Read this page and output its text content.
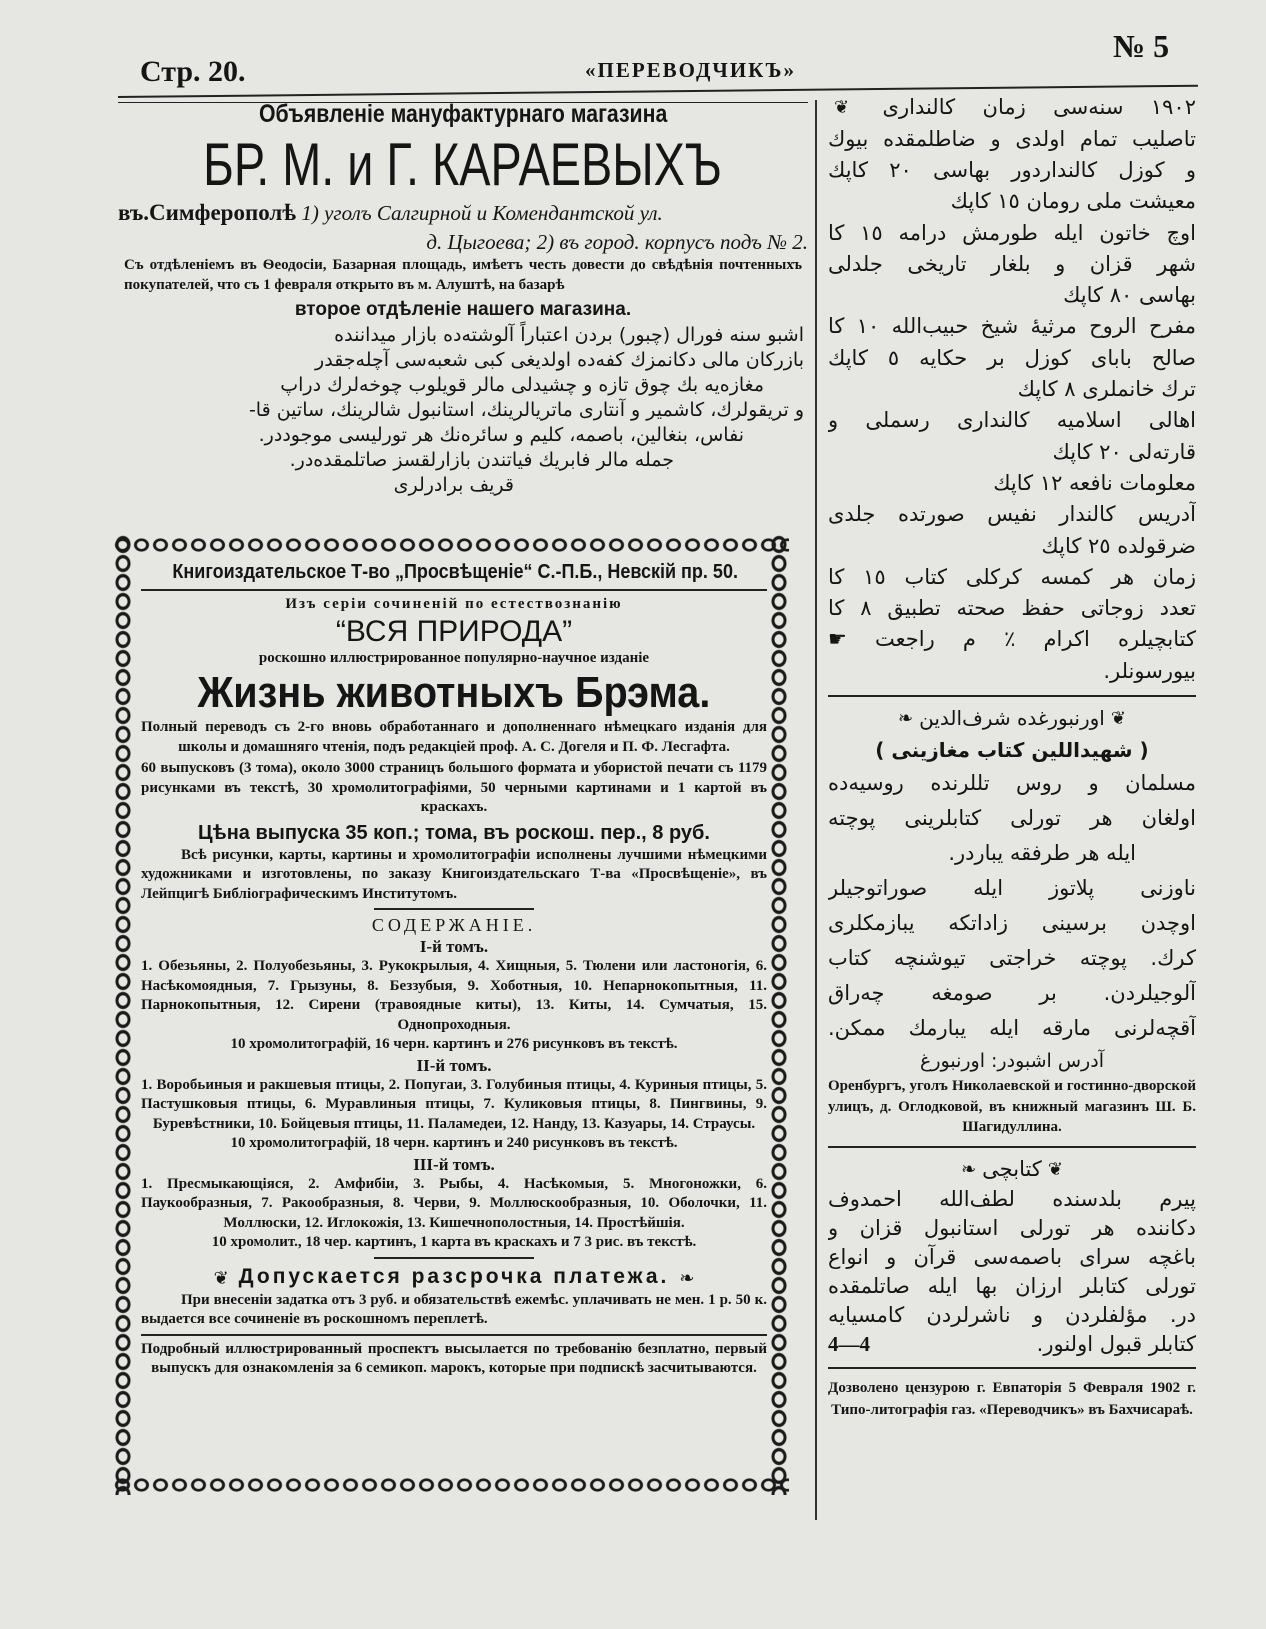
Стр. 20.	«ПЕРЕВОДЧИКЪ»
№ 5
Объявленіе мануфактурнаго магазина
БР. М. и Г. КАРАЕВЫХЪ
въ.Симферополѣ 1) уголъ Салгирной и Комендантской ул.
д. Цыгоева; 2) въ город. корпусъ подъ № 2.
Съ отдѣленіемъ въ Ѳеодосіи, Базарная площадь, имѣетъ честь довести до свѣдѣнія почтенныхъ покупателей, что съ 1 февраля открыто въ м. Алуштѣ, на базарѣ
второе отдѣленіе нашего магазина.
اشبو سنه فورال (چبور) بردن اعتباراً آلوشته‌ده بازار میداننده
بازرکان مالی دکانمزك کفه‌ده اولدیغی کبی شعبه‌سی آچله‌جقدر
مغازه‌یه بك چوق تازه و چشیدلی مالر قویلوب چوخه‌لرك دراپ
و تریقولرك، کاشمیر و آنتاری ماتریالرینك، استانبول شالرینك، ساتین قا-
نفاس، بنغالین، باصمه، کلیم و سائره‌نك هر تورلیسی موجوددر.
جمله مالر فابریك فیاتندن بازارلقسز صاتلمقده‌در.
قریف برادرلری
Книгоиздательское Т-во „Просвѣщеніе“ С.-П.Б., Невскій пр. 50.
Изъ серіи сочиненій по естествознанію
“ВСЯ ПРИРОДА”
роскошно иллюстрированное популярно-научное изданіе
Жизнь животныхъ Брэма.
Полный переводъ съ 2-го вновь обработаннаго и дополненнаго нѣмецкаго изданія для школы и домашняго чтенія, подъ редакціей проф. А. С. Догеля и П. Ф. Лесгафта.
60 выпусковъ (3 тома), около 3000 страницъ большого формата и убористой печати съ 1179 рисунками въ текстѣ, 30 хромолитографіями, 50 черными картинами и 1 картой въ краскахъ.
Цѣна выпуска 35 коп.; тома, въ роскош. пер., 8 руб.
Всѣ рисунки, карты, картины и хромолитографіи исполнены лучшими нѣмецкими художниками и изготовлены, по заказу Книгоиздательскаго Т-ва «Просвѣщеніе», въ Лейпцигѣ Библіографическимъ Институтомъ.
СОДЕРЖАНІЕ.
I-й томъ.
1. Обезьяны, 2. Полуобезьяны, 3. Рукокрылыя, 4. Хищныя, 5. Тюлени или ластоногія, 6. Насѣкомоядныя, 7. Грызуны, 8. Беззубыя, 9. Хоботныя, 10. Непарнокопытныя, 11. Парнокопытныя, 12. Сирени (травоядные киты), 13. Киты, 14. Сумчатыя, 15. Однопроходныя.
10 хромолитографій, 16 черн. картинъ и 276 рисунковъ въ текстѣ.
II-й томъ.
1. Воробьиныя и ракшевыя птицы, 2. Попугаи, 3. Голубиныя птицы, 4. Куриныя птицы, 5. Пастушковыя птицы, 6. Муравлиныя птицы, 7. Куликовыя птицы, 8. Пингвины, 9. Буревѣстники, 10. Бойцевыя птицы, 11. Паламедеи, 12. Нанду, 13. Казуары, 14. Страусы.
10 хромолитографій, 18 черн. картинъ и 240 рисунковъ въ текстѣ.
III-й томъ.
1. Пресмыкающіяся, 2. Амфибіи, 3. Рыбы, 4. Насѣкомыя, 5. Многоножки, 6. Паукообразныя, 7. Ракообразныя, 8. Черви, 9. Моллюскообразныя, 10. Оболочки, 11. Моллюски, 12. Иглокожія, 13. Кишечнополостныя, 14. Простѣйшія.
10 хромолит., 18 чер. картинъ, 1 карта въ краскахъ и 7 3 рис. въ текстѣ.
❦ Допускается разсрочка платежа. ❧
При внесеніи задатка отъ 3 руб. и обязательствѣ ежемѣс. уплачивать не мен. 1 р. 50 к. выдается все сочиненіе въ роскошномъ переплетѣ.
Подробный иллюстрированный проспектъ высылается по требованію безплатно, первый выпускъ для ознакомленія за 6 семикоп. марокъ, которые при подпискѣ засчитываются.
١٩٠٢ سنه‌سی زمان کالنداری ❦
تاصلیب تمام اولدی و ضاطلمقده بیوك
و کوزل کالنداردور بهاسی ٢٠ کاپك
معیشت ملی رومان ١٥ کاپك
اوچ خاتون ایله طورمش درامه ١٥ کا
شهر قزان و بلغار تاریخی جلدلی
بهاسی ٨٠ کاپك
مفرح الروح مرثیهٔ شیخ حبیب‌الله ١٠ کا
صالح بابای کوزل بر حکایه ٥ کاپك
ترك خانملری ٨ کاپك
اهالی اسلامیه کالنداری رسملی و
قارته‌لی ٢٠ کاپك
معلومات نافعه ١٢ کاپك
آدریس کالندار نفیس صورتده جلدی
ضرقولده ٢٥ کاپك
زمان هر کمسه کرکلی کتاب ١٥ کا
تعدد زوجاتی حفظ صحته تطبیق ٨ کا
کتابچیلره اکرام ٪ م راجعت ☛
بیورسونلر.
❦اورنبورغده شرف‌الدین❧
( شهید‌اللین کتاب مغازینی )
مسلمان و روس تللرنده روسیه‌ده
اولغان هر تورلی کتابلرینی پوچته
ایله هر طرفقه یباردر.
ناوزنی پلاتوز ایله صوراتوجیلر
اوچدن برسینی زاداتکه یبازمکلری
کرك. پوچته خراجتی تیوشنچه کتاب
آلوجیلردن. بر صومغه چه‌راق
آقچه‌لرنی مارقه ایله یبارمك ممکن.
آدرس اشبودر: اورنبورغ
Оренбургъ, уголъ Николаевской и гостинно-дворской улицъ, д. Оглодковой, въ книжный магазинъ Ш. Б. Шагидуллина.
❦کتابچی❧
پیرم بلدسنده لطف‌الله احمدوف
دکاننده هر تورلی استانبول قزان و
باغچه سرای باصمه‌سی قرآن و انواع
تورلی کتابلر ارزان بها ایله صاتلمقده
در. مؤلفلردن و ناشرلردن کامسیایه
کتابلر قبول اولنور.
4—4
Дозволено цензурою г. Евпаторія 5 Февраля 1902 г. Типо-литографія газ. «Переводчикъ» въ Бахчисараѣ.
